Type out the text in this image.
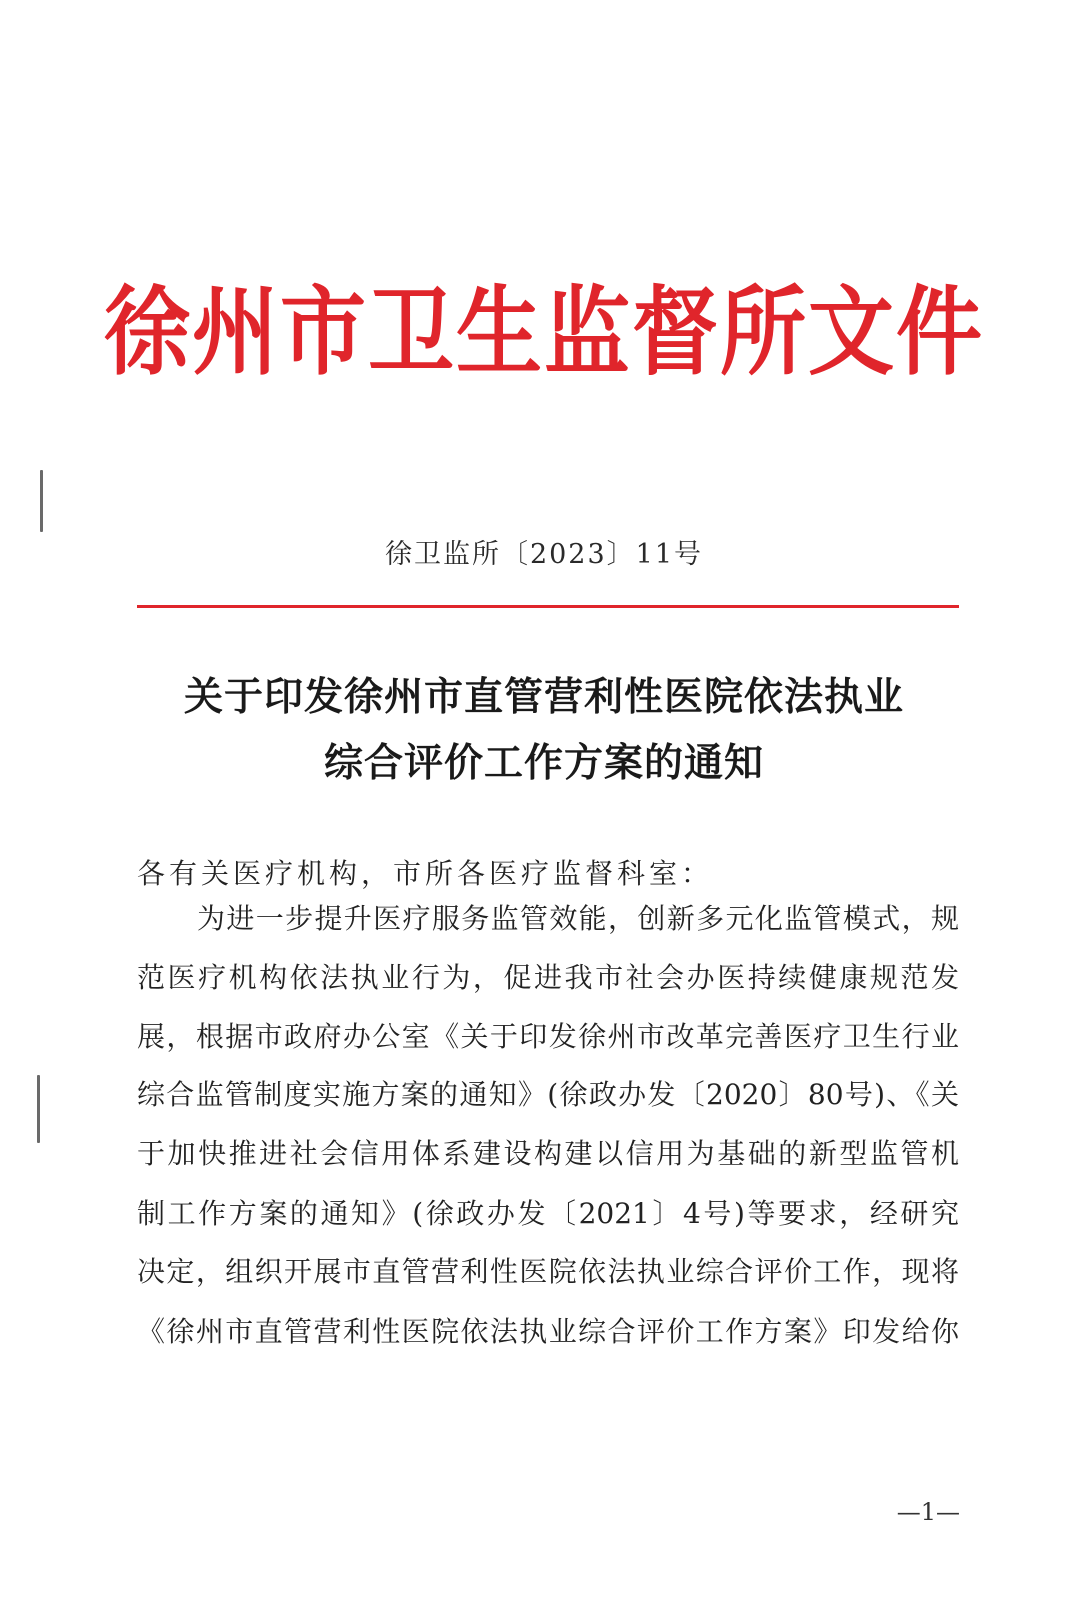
徐州市卫生监督所文件
徐卫监所〔2023〕11号
关于印发徐州市直管营利性医院依法执业
综合评价工作方案的通知
各有关医疗机构，市所各医疗监督科室：
为进一步提升医疗服务监管效能，创新多元化监管模式，规
范医疗机构依法执业行为，促进我市社会办医持续健康规范发
展，根据市政府办公室《关于印发徐州市改革完善医疗卫生行业
综合监管制度实施方案的通知》(徐政办发〔2020〕80号)、《关
于加快推进社会信用体系建设构建以信用为基础的新型监管机
制工作方案的通知》(徐政办发〔2021〕4号)等要求，经研究
决定，组织开展市直管营利性医院依法执业综合评价工作，现将
《徐州市直管营利性医院依法执业综合评价工作方案》印发给你
—1—
